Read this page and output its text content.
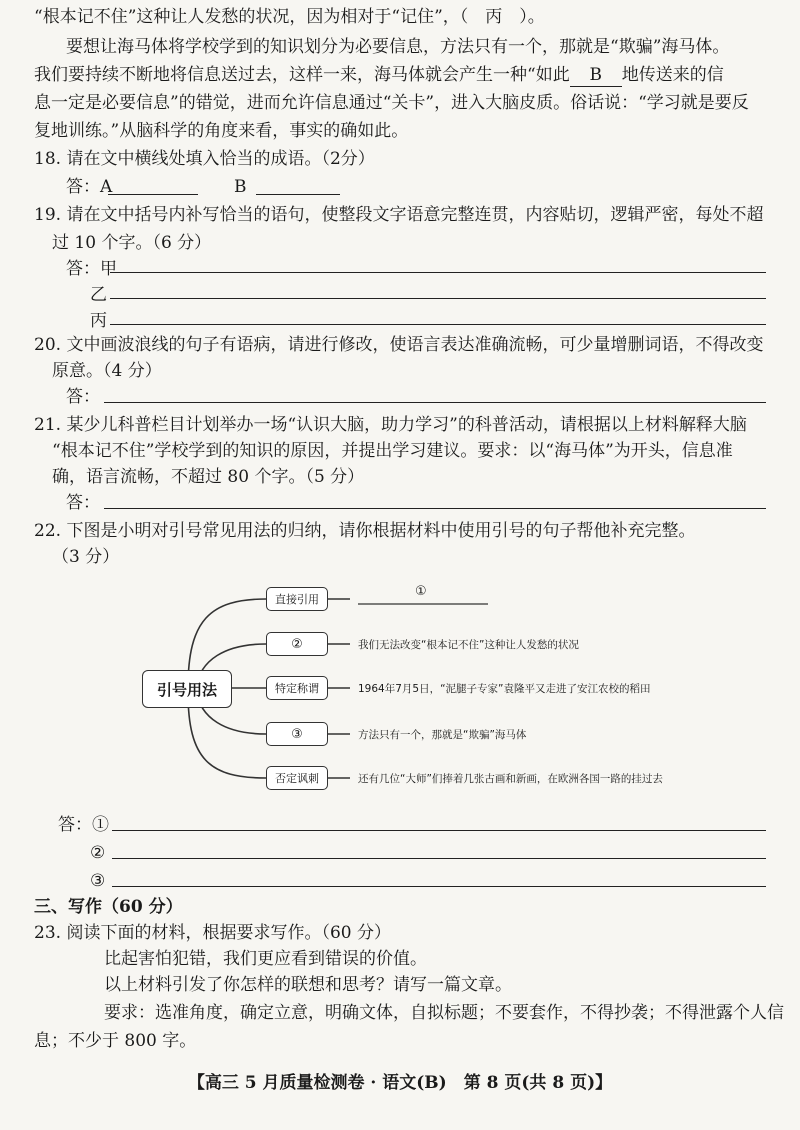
“根本记不住”这种让人发愁的状况，因为相对于“记住”，（　丙　）。
要想让海马体将学校学到的知识划分为必要信息，方法只有一个，那就是“欺骗”海马体。
我们要持续不断地将信息送过去，这样一来，海马体就会产生一种“如此 B 地传送来的信
息一定是必要信息”的错觉，进而允许信息通过“关卡”，进入大脑皮质。俗话说：“学习就是要反
复地训练。”从脑科学的角度来看，事实的确如此。
18. 请在文中横线处填入恰当的成语。（2分）
答：A	B
19. 请在文中括号内补写恰当的语句，使整段文字语意完整连贯，内容贴切，逻辑严密，每处不超
过 10 个字。（6 分）
答：甲
乙
丙
20. 文中画波浪线的句子有语病，请进行修改，使语言表达准确流畅，可少量增删词语，不得改变
原意。（4 分）
答：
21. 某少儿科普栏目计划举办一场“认识大脑，助力学习”的科普活动，请根据以上材料解释大脑
“根本记不住”学校学到的知识的原因，并提出学习建议。要求：以“海马体”为开头，信息准
确，语言流畅，不超过 80 个字。（5 分）
答：
22. 下图是小明对引号常见用法的归纳，请你根据材料中使用引号的句子帮他补充完整。
（3 分）
引号用法
直接引用
②
特定称谓
③
否定讽刺
①
我们无法改变“根本记不住”这种让人发愁的状况
1964年7月5日，“泥腿子专家”袁隆平又走进了安江农校的稻田
方法只有一个，那就是“欺骗”海马体
还有几位“大师”们捧着几张古画和新画，在欧洲各国一路的挂过去
答：①
②
③
三、写作（60 分）
23. 阅读下面的材料，根据要求写作。（60 分）
比起害怕犯错，我们更应看到错误的价值。
以上材料引发了你怎样的联想和思考？请写一篇文章。
要求：选准角度，确定立意，明确文体，自拟标题；不要套作，不得抄袭；不得泄露个人信
息；不少于 800 字。
【高三 5 月质量检测卷 · 语文(B)　第 8 页(共 8 页)】
